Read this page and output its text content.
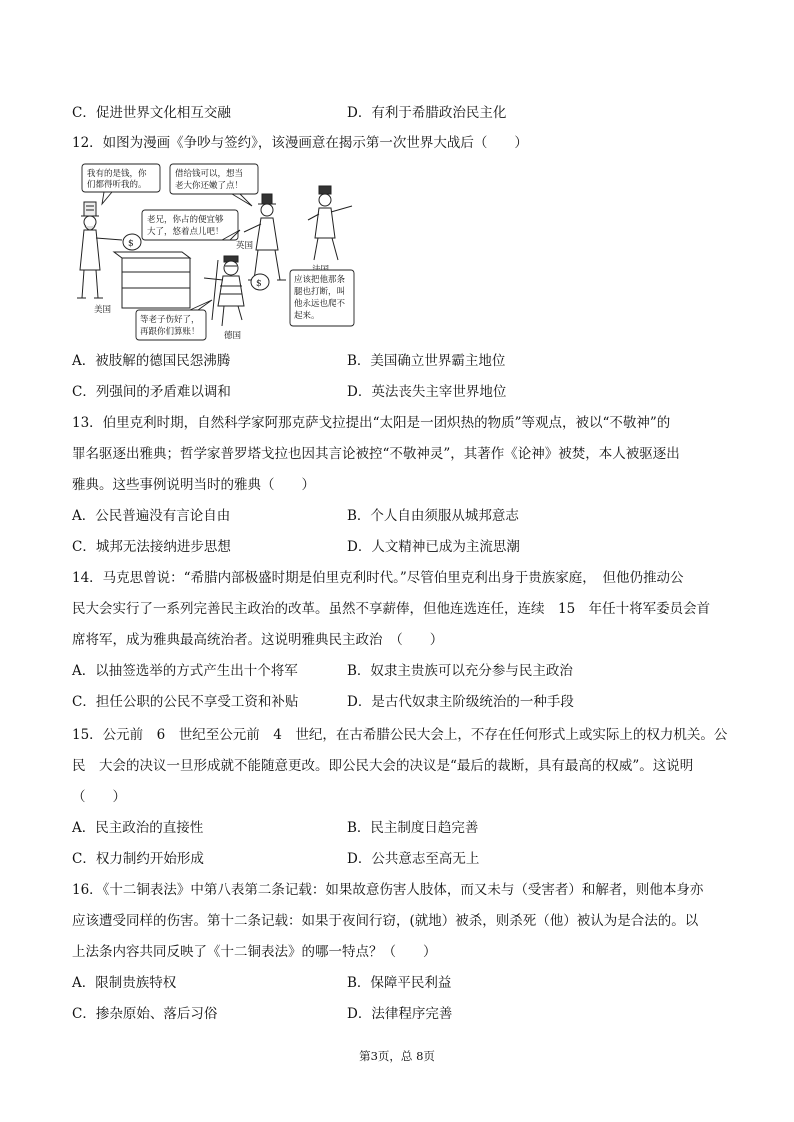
C．促进世界文化相互交融	D．有利于希腊政治民主化
12．如图为漫画《争吵与签约》，该漫画意在揭示第一次世界大战后（　　）
我有的是钱，你
们都得听我的。
借给钱可以，想当
老大你还嫩了点！
老兄，你占的便宜够
大了，悠着点儿吧！
$
美国
英国
$
德国
等老子伤好了，
再跟你们算账！
应该把他那条
腿也打断，叫
他永远也爬不
起来。
A．被肢解的德国民怨沸腾	B．美国确立世界霸主地位
C．列强间的矛盾难以调和	D．英法丧失主宰世界地位
13．伯里克利时期，自然科学家阿那克萨戈拉提出“太阳是一团炽热的物质”等观点，被以“不敬神”的
罪名驱逐出雅典；哲学家普罗塔戈拉也因其言论被控“不敬神灵”，其著作《论神》被焚，本人被驱逐出
雅典。这些事例说明当时的雅典（　　）
A．公民普遍没有言论自由	B．个人自由须服从城邦意志
C．城邦无法接纳进步思想	D．人文精神已成为主流思潮
14．马克思曾说：“希腊内部极盛时期是伯里克利时代。”尽管伯里克利出身于贵族家庭，　但他仍推动公
民大会实行了一系列完善民主政治的改革。虽然不享薪俸，但他连选连任，连续　15　年任十将军委员会首
席将军，成为雅典最高统治者。这说明雅典民主政治　（　　）
A．以抽签选举的方式产生出十个将军	B．奴隶主贵族可以充分参与民主政治
C．担任公职的公民不享受工资和补贴	D．是古代奴隶主阶级统治的一种手段
15．公元前　6　世纪至公元前　4　世纪，在古希腊公民大会上，不存在任何形式上或实际上的权力机关。公
民　大会的决议一旦形成就不能随意更改。即公民大会的决议是“最后的裁断，具有最高的权威”。这说明
（　　）
A．民主政治的直接性	B．民主制度日趋完善
C．权力制约开始形成	D．公共意志至高无上
16．《十二铜表法》中第八表第二条记载：如果故意伤害人肢体，而又未与（受害者）和解者，则他本身亦
应该遭受同样的伤害。第十二条记载：如果于夜间行窃，(就地）被杀，则杀死（他）被认为是合法的。以
上法条内容共同反映了《十二铜表法》的哪一特点？（　　）
A．限制贵族特权	B．保障平民利益
C．掺杂原始、落后习俗	D．法律程序完善
第3页，总 8页
